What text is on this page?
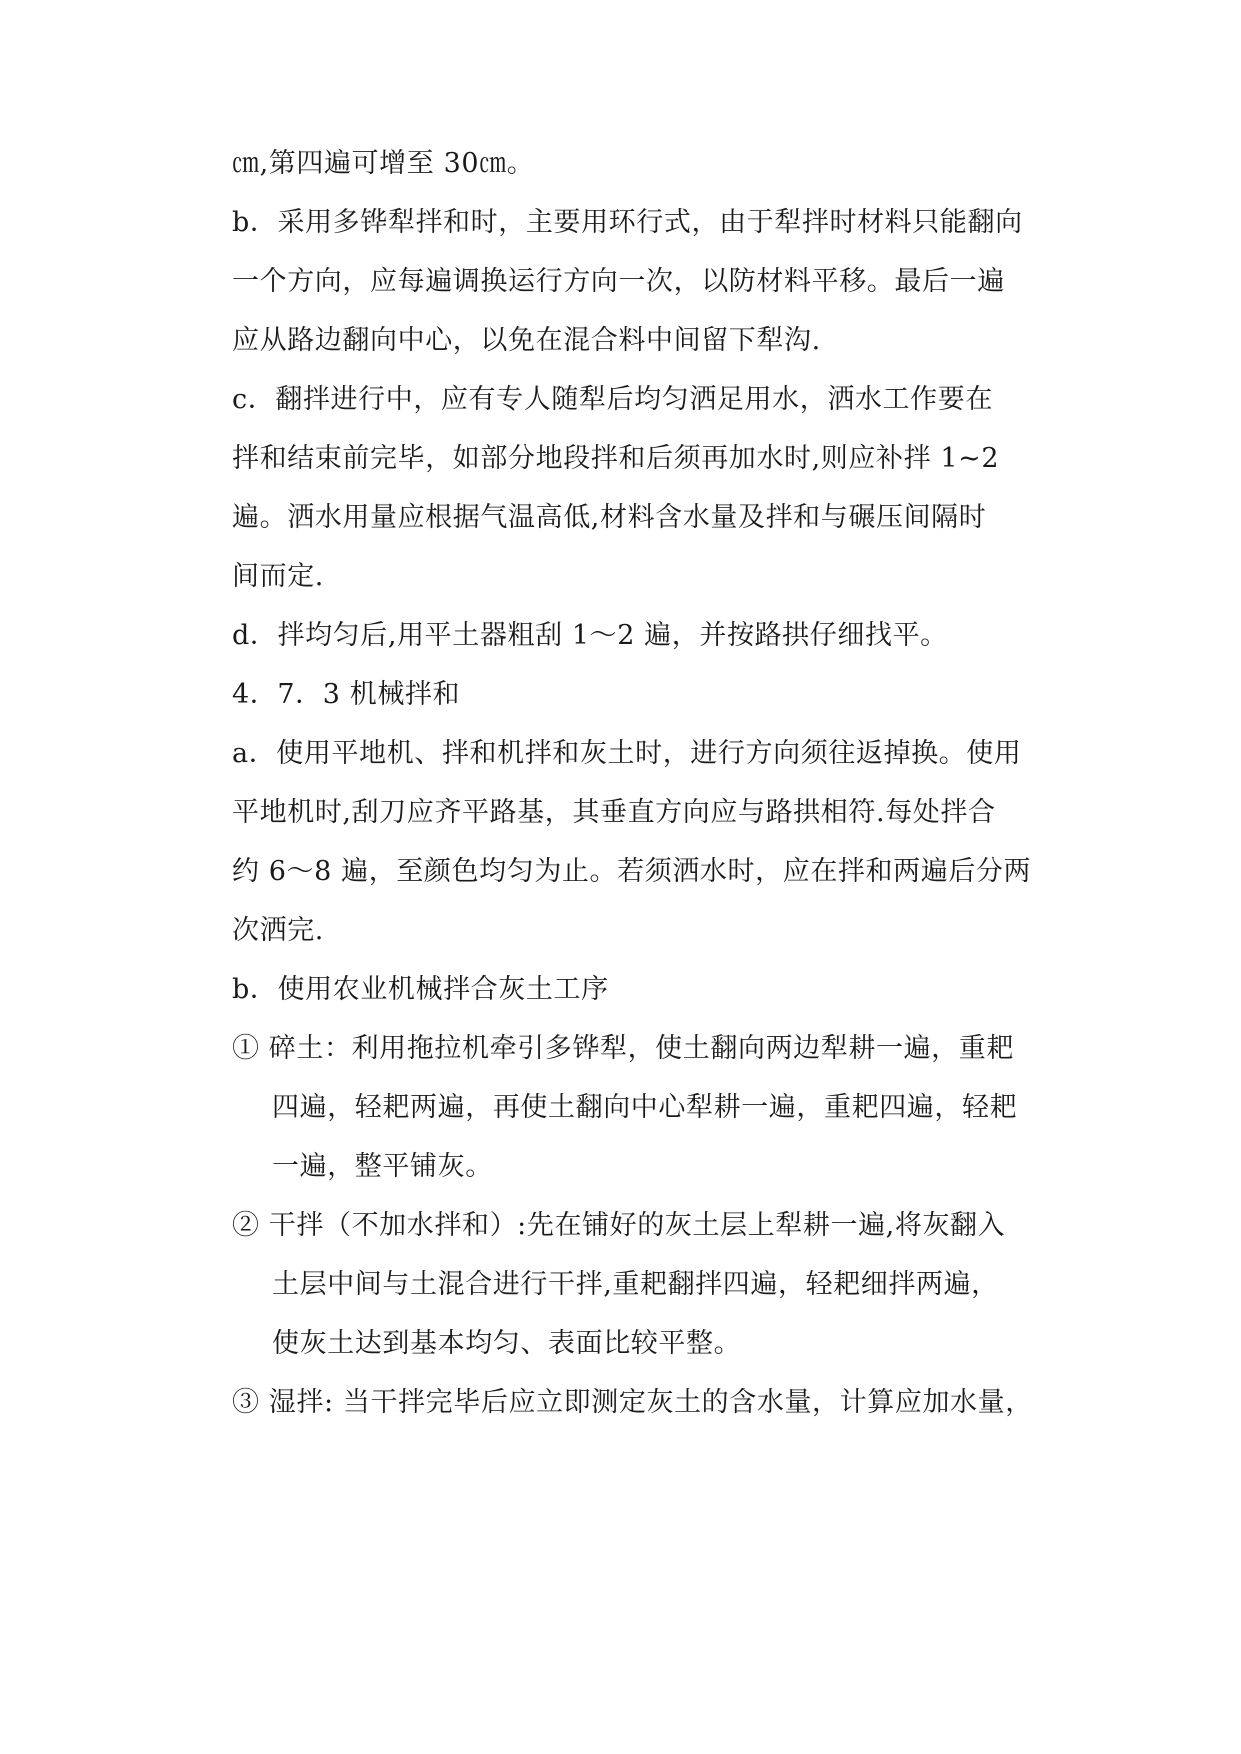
㎝,第四遍可增至 30㎝。
b．采用多铧犁拌和时，主要用环行式，由于犁拌时材料只能翻向
一个方向，应每遍调换运行方向一次，以防材料平移。最后一遍
应从路边翻向中心，以免在混合料中间留下犁沟.
c．翻拌进行中，应有专人随犁后均匀洒足用水，洒水工作要在
拌和结束前完毕，如部分地段拌和后须再加水时,则应补拌 1~2
遍。洒水用量应根据气温高低,材料含水量及拌和与碾压间隔时
间而定.
d．拌均匀后,用平土器粗刮 1～2 遍，并按路拱仔细找平。
4．7．3 机械拌和
a．使用平地机、拌和机拌和灰土时，进行方向须往返掉换。使用
平地机时,刮刀应齐平路基，其垂直方向应与路拱相符.每处拌合
约 6～8 遍，至颜色均匀为止。若须洒水时，应在拌和两遍后分两
次洒完.
b．使用农业机械拌合灰土工序
① 碎土：利用拖拉机牵引多铧犁，使土翻向两边犁耕一遍，重耙
四遍，轻耙两遍，再使土翻向中心犁耕一遍，重耙四遍，轻耙
一遍，整平铺灰。
② 干拌（不加水拌和）:先在铺好的灰土层上犁耕一遍,将灰翻入
土层中间与土混合进行干拌,重耙翻拌四遍，轻耙细拌两遍，
使灰土达到基本均匀、表面比较平整。
③ 湿拌: 当干拌完毕后应立即测定灰土的含水量，计算应加水量，
